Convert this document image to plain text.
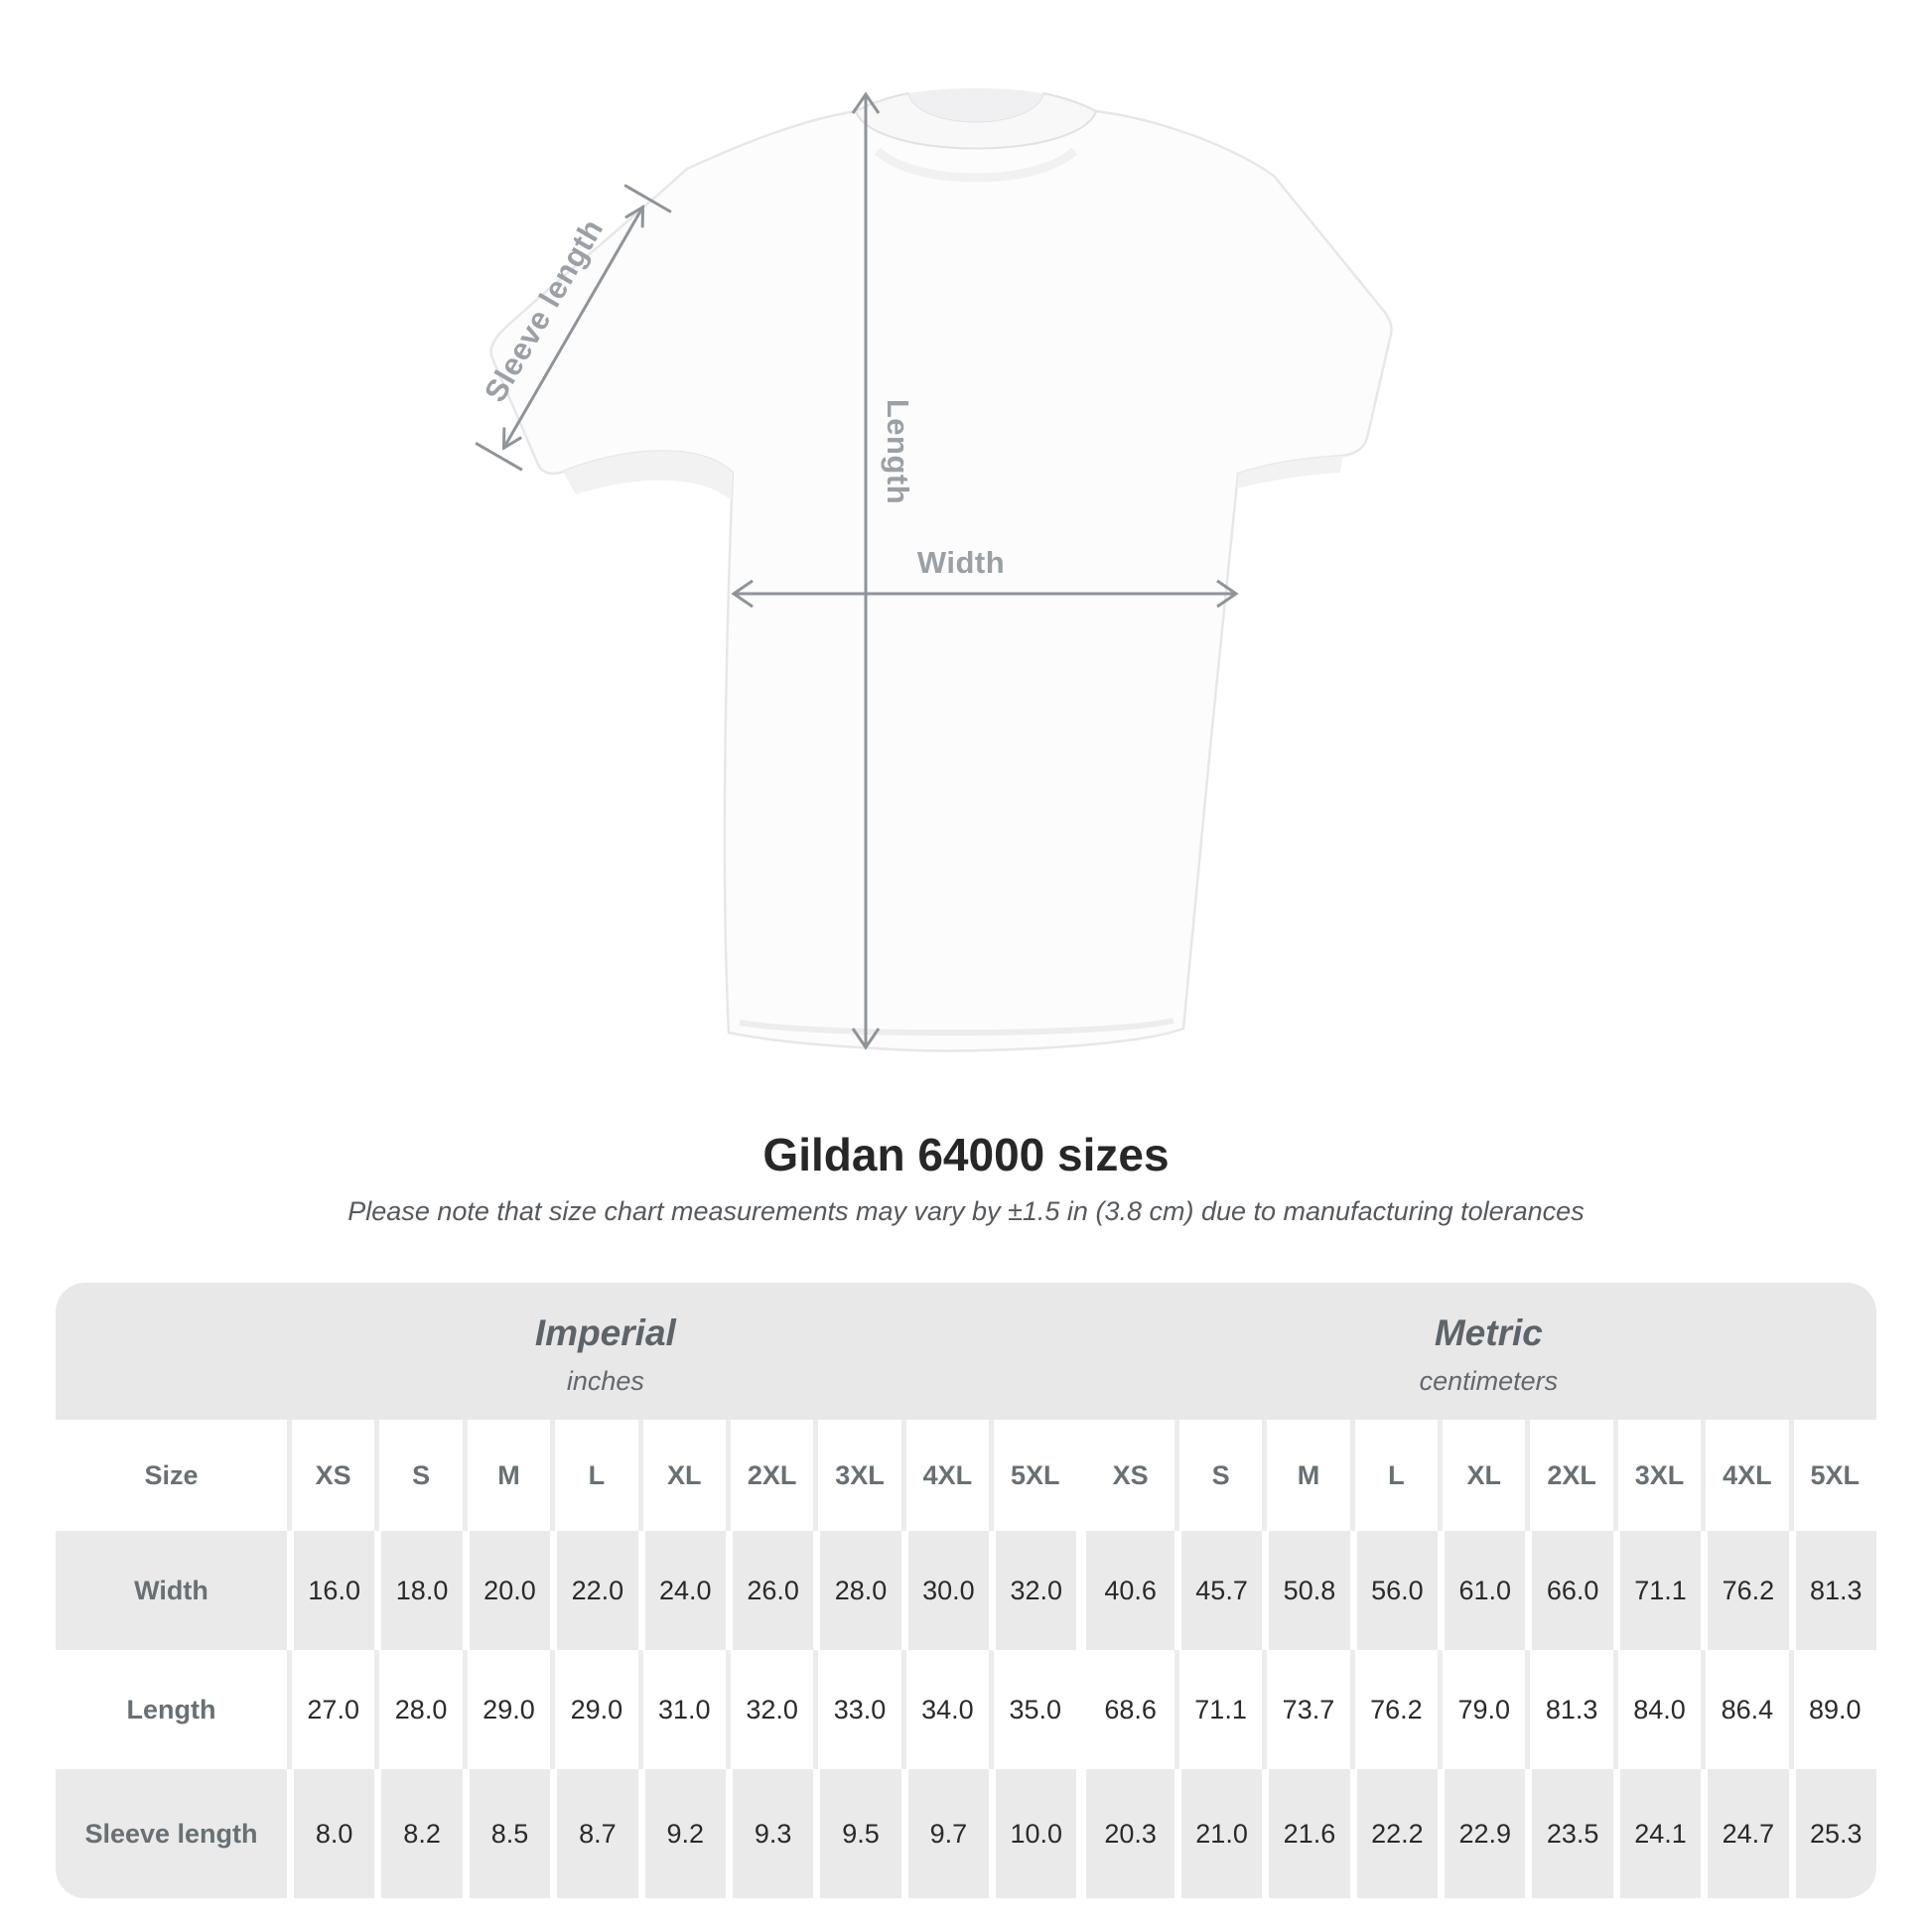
Length
Width
Sleeve length
Gildan 64000 sizes

Please note that size chart measurements may vary by ±1.5 in (3.8 cm) due to manufacturing tolerances

Imperial
inches
Metric
centimeters
Size	XS	S	M	L	XL	2XL	3XL	4XL	5XL	XS	S	M	L	XL	2XL	3XL	4XL	5XL
Width	16.0	18.0	20.0	22.0	24.0	26.0	28.0	30.0	32.0	40.6	45.7	50.8	56.0	61.0	66.0	71.1	76.2	81.3
Length	27.0	28.0	29.0	29.0	31.0	32.0	33.0	34.0	35.0	68.6	71.1	73.7	76.2	79.0	81.3	84.0	86.4	89.0
Sleeve length	8.0	8.2	8.5	8.7	9.2	9.3	9.5	9.7	10.0	20.3	21.0	21.6	22.2	22.9	23.5	24.1	24.7	25.3
